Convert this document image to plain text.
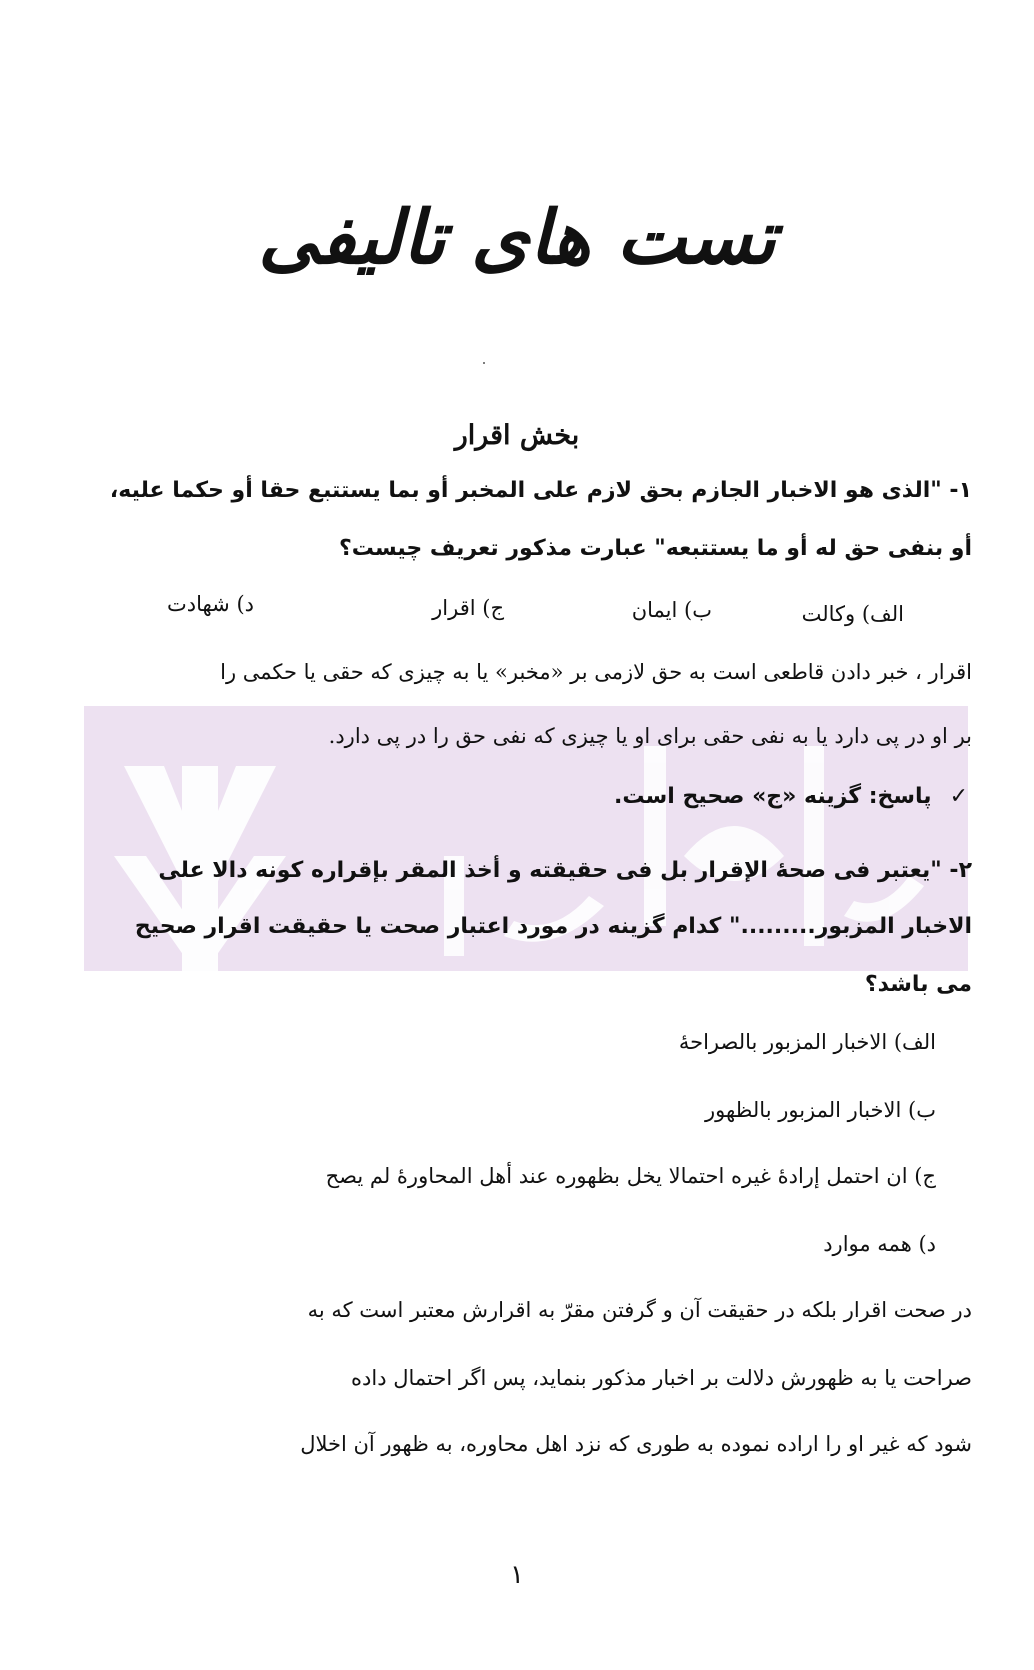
تست های تالیفی
بخش اقرار
۱- "الذی هو الاخبار الجازم بحق لازم علی المخبر أو بما یستتبع حقا أو حکما علیه،
أو بنفی حق له أو ما یستتبعه" عبارت مذکور تعریف چیست؟
الف) وکالت
ب) ایمان
ج) اقرار
د) شهادت
اقرار ، خبر دادن قاطعی است به حق لازمی بر «مخبر» یا به چیزی که حقی یا حکمی را
بر او در پی دارد یا به نفی حقی برای او یا چیزی که نفی حق را در پی دارد.
✓پاسخ: گزینه «ج» صحیح است.
۲- "یعتبر فی صحهٔ الإقرار بل فی حقیقته و أخذ المقر بإقراره کونه دالا علی
الاخبار المزبور........." کدام گزینه در مورد اعتبار صحت یا حقیقت اقرار صحیح
می باشد؟
الف) الاخبار المزبور بالصراحهٔ
ب) الاخبار المزبور بالظهور
ج) ان احتمل إرادهٔ غیره احتمالا یخل بظهوره عند أهل المحاورهٔ لم یصح
د) همه موارد
در صحت اقرار بلکه در حقیقت آن و گرفتن مقرّ به اقرارش معتبر است که به
صراحت یا به ظهورش دلالت بر اخبار مذکور بنماید، پس اگر احتمال داده
شود که غیر او را اراده نموده به طوری که نزد اهل محاوره، به ظهور آن اخلال
۱
